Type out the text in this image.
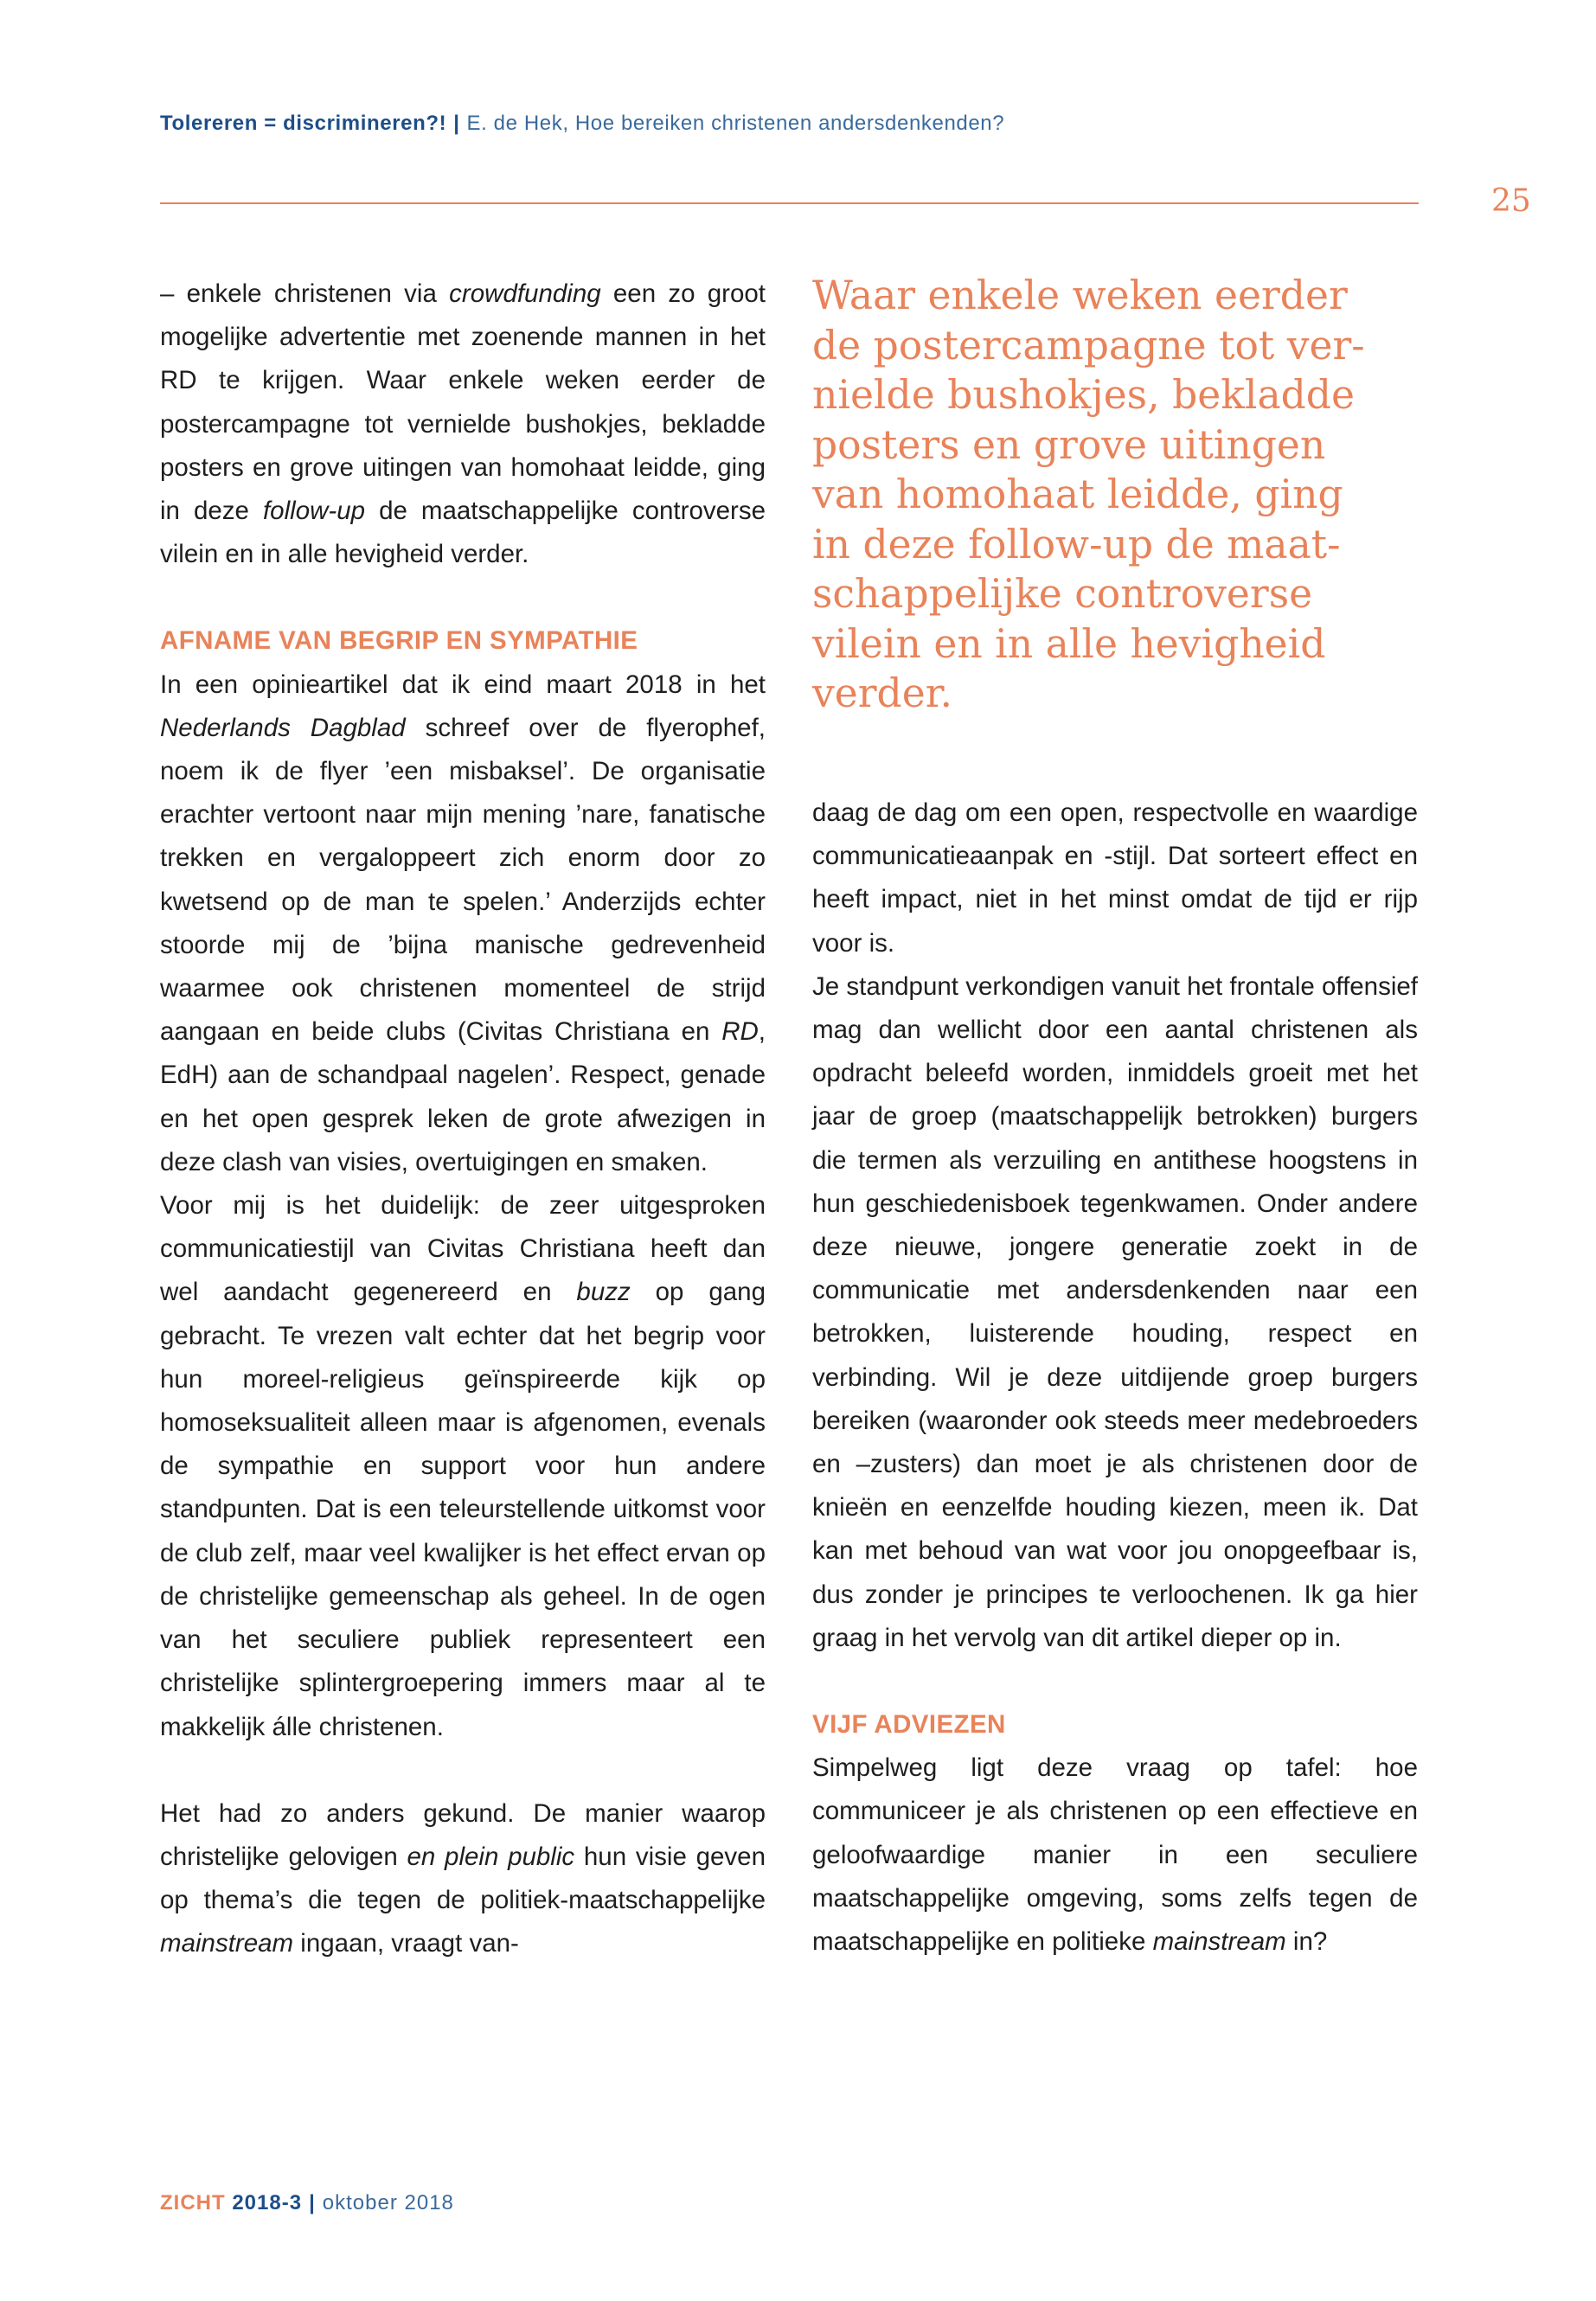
Tolereren = discrimineren?! | E. de Hek, Hoe bereiken christenen andersdenkenden?
25

– enkele christenen via crowdfunding een zo groot mogelijke advertentie met zoenende mannen in het RD te krijgen. Waar enkele weken eerder de postercampagne tot vernielde bushokjes, bekladde posters en grove uitingen van homohaat leidde, ging in deze follow-up de maatschappelijke controverse vilein en in alle hevigheid verder.

AFNAME VAN BEGRIP EN SYMPATHIE

In een opinieartikel dat ik eind maart 2018 in het Nederlands Dagblad schreef over de flyerophef, noem ik de flyer ’een misbaksel’. De organisatie erachter vertoont naar mijn mening ’nare, fanatische trekken en vergaloppeert zich enorm door zo kwetsend op de man te spelen.’ Anderzijds echter stoorde mij de ’bijna manische gedrevenheid waarmee ook christenen momenteel de strijd aangaan en beide clubs (Civitas Christiana en RD, EdH) aan de schandpaal nagelen’. Respect, genade en het open gesprek leken de grote afwezigen in deze clash van visies, overtuigingen en smaken.

Voor mij is het duidelijk: de zeer uitgesproken communicatiestijl van Civitas Christiana heeft dan wel aandacht gegenereerd en buzz op gang gebracht. Te vrezen valt echter dat het begrip voor hun moreel-religieus geïnspireerde kijk op homoseksualiteit alleen maar is afgenomen, evenals de sympathie en support voor hun andere standpunten. Dat is een teleurstellende uitkomst voor de club zelf, maar veel kwalijker is het effect ervan op de christelijke gemeenschap als geheel. In de ogen van het seculiere publiek representeert een christelijke splintergroepering immers maar al te makkelijk álle christenen.

Het had zo anders gekund. De manier waarop christelijke gelovigen en plein public hun visie geven op thema’s die tegen de politiek-maatschappelijke mainstream ingaan, vraagt van-

Waar enkele weken eerder
de postercampagne tot ver-
nielde bushokjes, bekladde
posters en grove uitingen
van homohaat leidde, ging
in deze follow-up de maat-
schappelijke controverse
vilein en in alle hevigheid
verder.

daag de dag om een open, respectvolle en waardige communicatieaanpak en -stijl. Dat sorteert effect en heeft impact, niet in het minst omdat de tijd er rijp voor is.

Je standpunt verkondigen vanuit het frontale offensief mag dan wellicht door een aantal christenen als opdracht beleefd worden, inmiddels groeit met het jaar de groep (maatschappelijk betrokken) burgers die termen als verzuiling en antithese hoogstens in hun geschiedenisboek tegenkwamen. Onder andere deze nieuwe, jongere generatie zoekt in de communicatie met andersdenkenden naar een betrokken, luisterende houding, respect en verbinding. Wil je deze uitdijende groep burgers bereiken (waaronder ook steeds meer medebroeders en –zusters) dan moet je als christenen door de knieën en eenzelfde houding kiezen, meen ik. Dat kan met behoud van wat voor jou onopgeefbaar is, dus zonder je principes te verloochenen. Ik ga hier graag in het vervolg van dit artikel dieper op in.

VIJF ADVIEZEN

Simpelweg ligt deze vraag op tafel: hoe communiceer je als christenen op een effectieve en geloofwaardige manier in een seculiere maatschappelijke omgeving, soms zelfs tegen de maatschappelijke en politieke mainstream in?

ZICHT 2018-3 | oktober 2018
